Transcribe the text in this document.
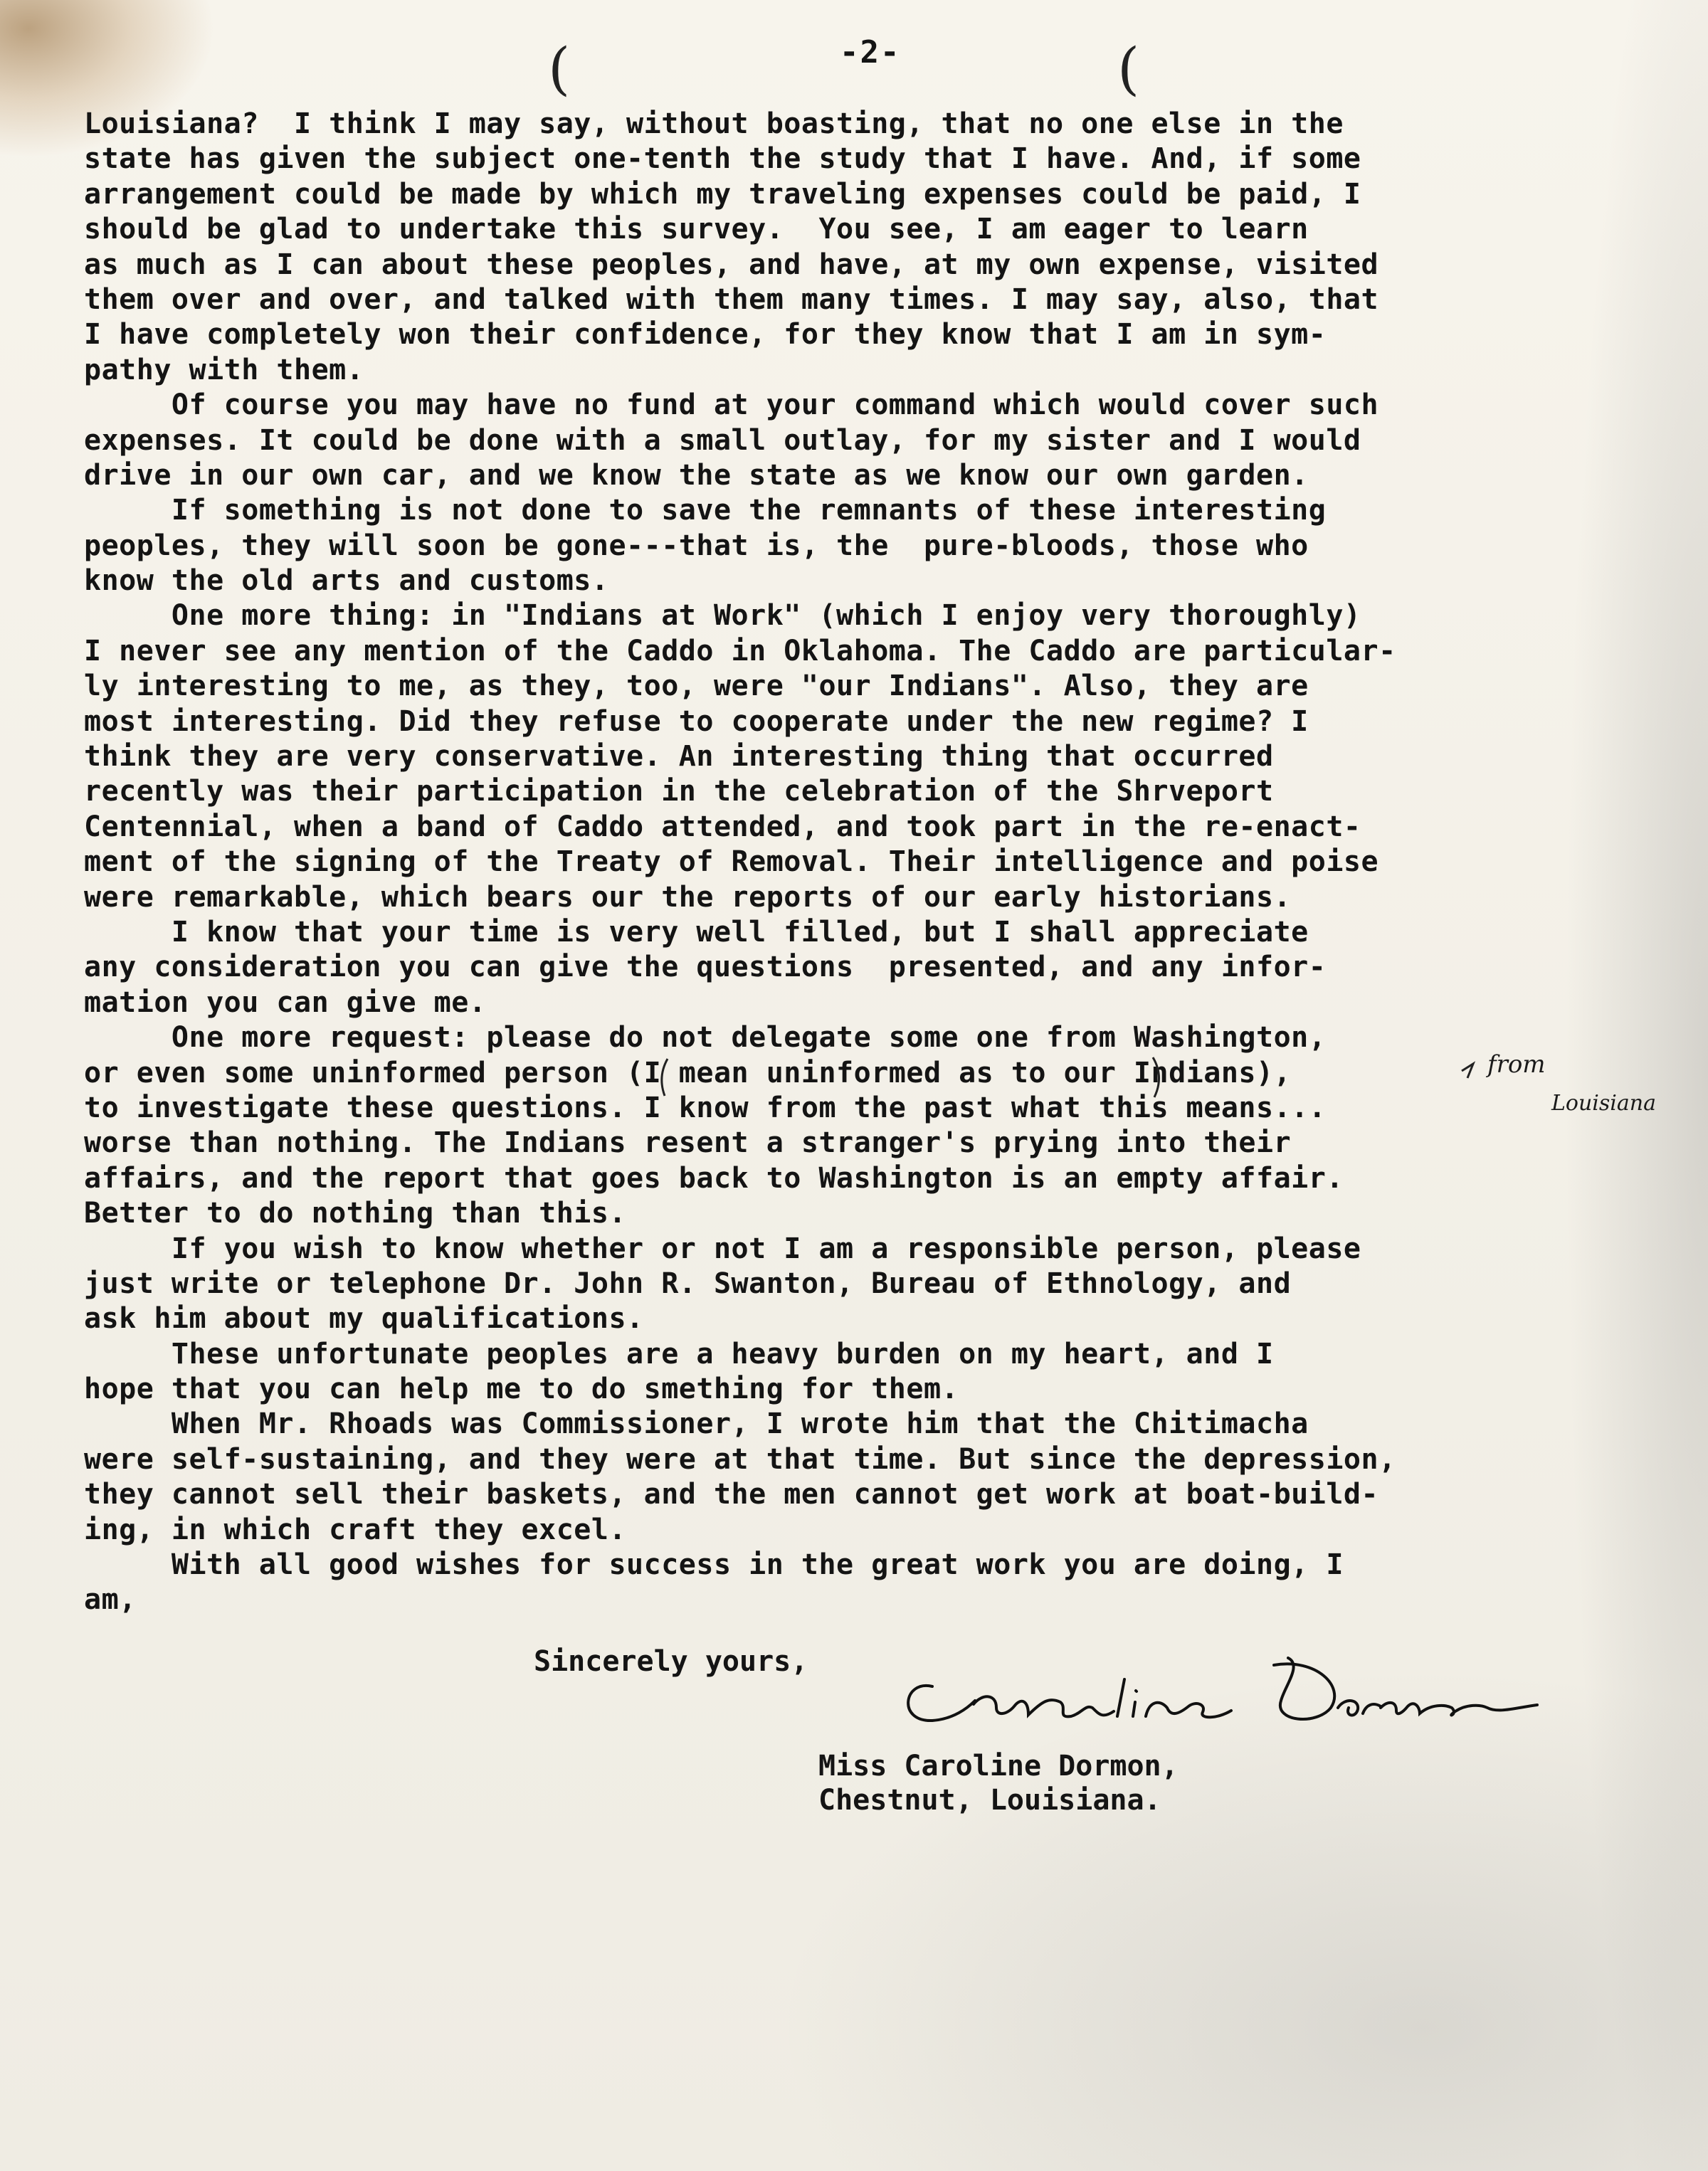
(	-2-	(
Louisiana?  I think I may say, without boasting, that no one else in the
state has given the subject one-tenth the study that I have. And, if some
arrangement could be made by which my traveling expenses could be paid, I
should be glad to undertake this survey.  You see, I am eager to learn
as much as I can about these peoples, and have, at my own expense, visited
them over and over, and talked with them many times. I may say, also, that
I have completely won their confidence, for they know that I am in sym-
pathy with them.
Of course you may have no fund at your command which would cover such
expenses. It could be done with a small outlay, for my sister and I would
drive in our own car, and we know the state as we know our own garden.
If something is not done to save the remnants of these interesting
peoples, they will soon be gone---that is, the  pure-bloods, those who
know the old arts and customs.
One more thing: in "Indians at Work" (which I enjoy very thoroughly)
I never see any mention of the Caddo in Oklahoma. The Caddo are particular-
ly interesting to me, as they, too, were "our Indians". Also, they are
most interesting. Did they refuse to cooperate under the new regime? I
think they are very conservative. An interesting thing that occurred
recently was their participation in the celebration of the Shrveport
Centennial, when a band of Caddo attended, and took part in the re-enact-
ment of the signing of the Treaty of Removal. Their intelligence and poise
were remarkable, which bears our the reports of our early historians.
I know that your time is very well filled, but I shall appreciate
any consideration you can give the questions  presented, and any infor-
mation you can give me.
One more request: please do not delegate some one from Washington,
or even some uninformed person (I mean uninformed as to our Indians),
to investigate these questions. I know from the past what this means...
worse than nothing. The Indians resent a stranger's prying into their
affairs, and the report that goes back to Washington is an empty affair.
Better to do nothing than this.
If you wish to know whether or not I am a responsible person, please
just write or telephone Dr. John R. Swanton, Bureau of Ethnology, and
ask him about my qualifications.
These unfortunate peoples are a heavy burden on my heart, and I
hope that you can help me to do smething for them.
When Mr. Rhoads was Commissioner, I wrote him that the Chitimacha
were self-sustaining, and they were at that time. But since the depression,
they cannot sell their baskets, and the men cannot get work at boat-build-
ing, in which craft they excel.
With all good wishes for success in the great work you are doing, I
am,
from
Louisiana
Sincerely yours,
Miss Caroline Dormon,
Chestnut, Louisiana.
